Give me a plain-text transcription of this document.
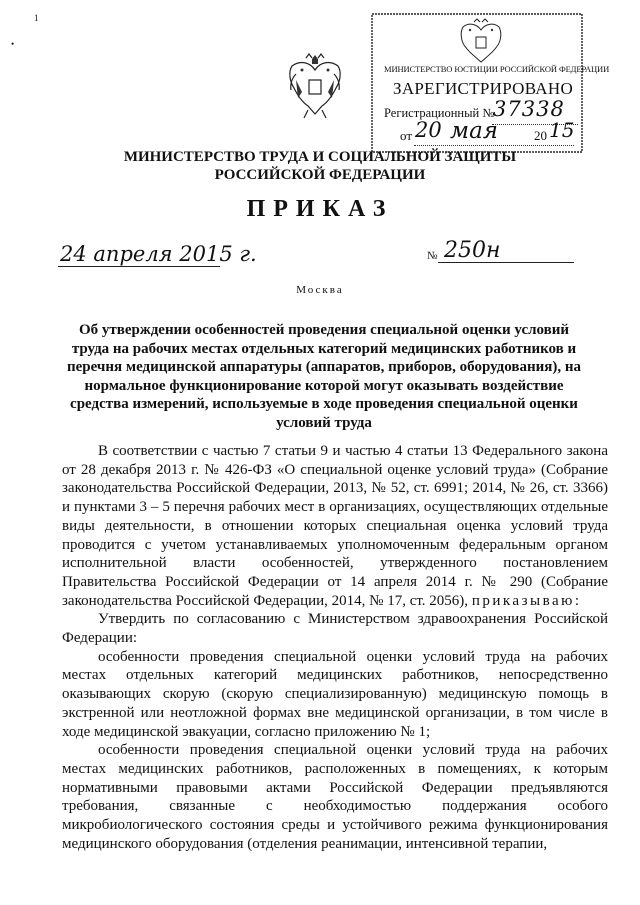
1
•
МИНИСТЕРСТВО ЮСТИЦИИ РОССИЙСКОЙ ФЕДЕРАЦИИ
ЗАРЕГИСТРИРОВАНО
Регистрационный №
37338
от 20 мая	20 15
МИНИСТЕРСТВО ТРУДА И СОЦИАЛЬНОЙ ЗАЩИТЫ
РОССИЙСКОЙ ФЕДЕРАЦИИ
ПРИКАЗ
24 апреля 2015 г.	№ 250н
Москва
Об утверждении особенностей проведения специальной оценки условий труда на рабочих местах отдельных категорий медицинских работников и перечня медицинской аппаратуры (аппаратов, приборов, оборудования), на нормальное функционирование которой могут оказывать воздействие средства измерений, используемые в ходе проведения специальной оценки условий труда

В соответствии с частью 7 статьи 9 и частью 4 статьи 13 Федерального закона от 28 декабря 2013 г. № 426-ФЗ «О специальной оценке условий труда» (Собрание законодательства Российской Федерации, 2013, № 52, ст. 6991; 2014, № 26, ст. 3366) и пунктами 3 – 5 перечня рабочих мест в организациях, осуществляющих отдельные виды деятельности, в отношении которых специальная оценка условий труда проводится с учетом устанавливаемых уполномоченным федеральным органом исполнительной власти особенностей, утвержденного постановлением Правительства Российской Федерации от 14 апреля 2014 г. № 290 (Собрание законодательства Российской Федерации, 2014, № 17, ст. 2056), приказываю:

Утвердить по согласованию с Министерством здравоохранения Российской Федерации:

особенности проведения специальной оценки условий труда на рабочих местах отдельных категорий медицинских работников, непосредственно оказывающих скорую (скорую специализированную) медицинскую помощь в экстренной или неотложной формах вне медицинской организации, в том числе в ходе медицинской эвакуации, согласно приложению № 1;

особенности проведения специальной оценки условий труда на рабочих местах медицинских работников, расположенных в помещениях, к которым нормативными правовыми актами Российской Федерации предъявляются требования, связанные с необходимостью поддержания особого микробиологического состояния среды и устойчивого режима функционирования медицинского оборудования (отделения реанимации, интенсивной терапии,
